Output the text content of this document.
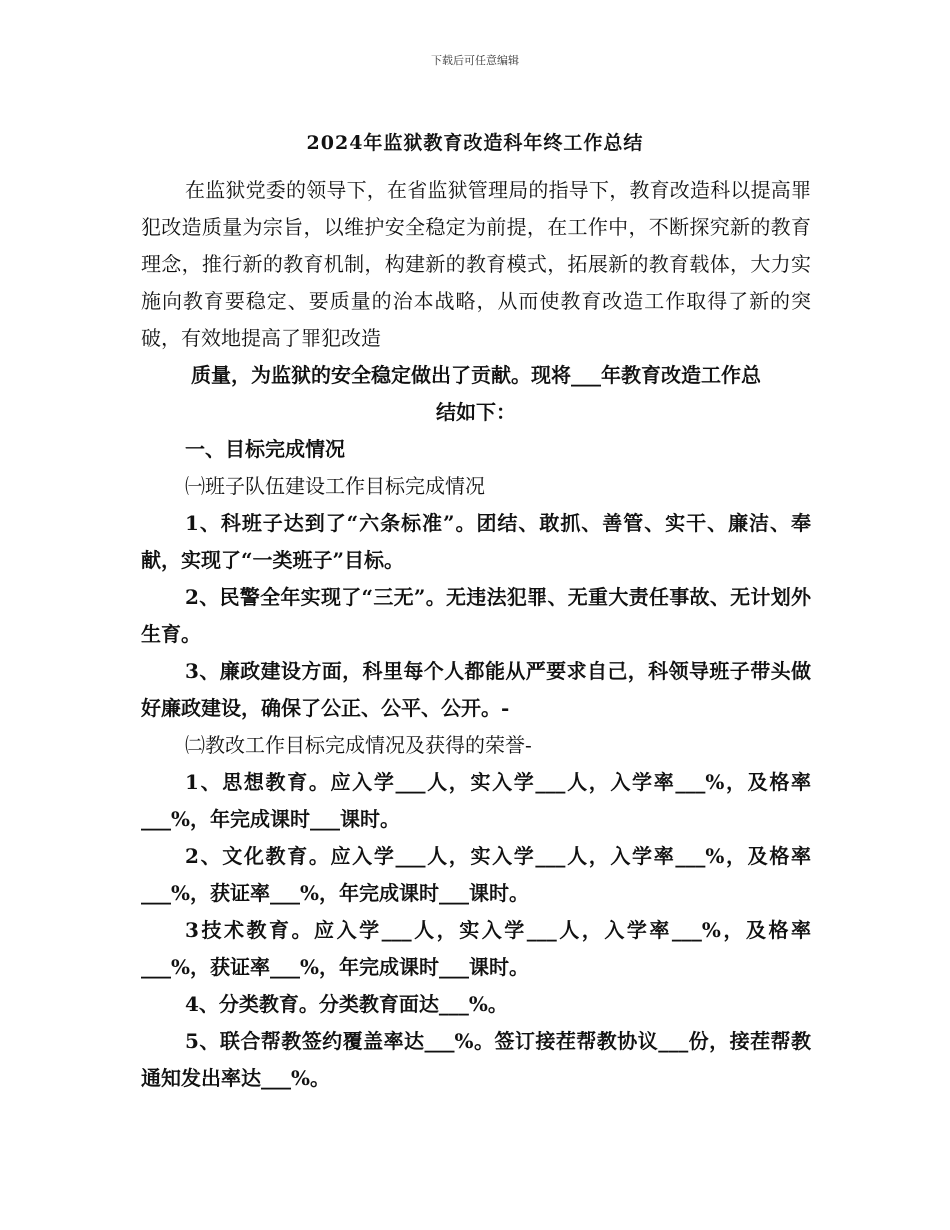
下载后可任意编辑
2024年监狱教育改造科年终工作总结

在监狱党委的领导下，在省监狱管理局的指导下，教育改造科以提高罪犯改造质量为宗旨，以维护安全稳定为前提，在工作中，不断探究新的教育理念，推行新的教育机制，构建新的教育模式，拓展新的教育载体，大力实施向教育要稳定、要质量的治本战略，从而使教育改造工作取得了新的突破，有效地提高了罪犯改造

质量，为监狱的安全稳定做出了贡献。现将___年教育改造工作总

结如下：

一、目标完成情况

㈠班子队伍建设工作目标完成情况

1、科班子达到了“六条标准”。团结、敢抓、善管、实干、廉洁、奉献，实现了“一类班子”目标。

2、民警全年实现了“三无”。无违法犯罪、无重大责任事故、无计划外生育。

3、廉政建设方面，科里每个人都能从严要求自己，科领导班子带头做好廉政建设，确保了公正、公平、公开。-

㈡教改工作目标完成情况及获得的荣誉-

1、思想教育。应入学___人，实入学___人，入学率___%，及格率___%，年完成课时___课时。

2、文化教育。应入学___人，实入学___人，入学率___%，及格率___%，获证率___%，年完成课时___课时。

3技术教育。应入学___人，实入学___人，入学率___%，及格率___%，获证率___%，年完成课时___课时。

4、分类教育。分类教育面达___%。

5、联合帮教签约覆盖率达___%。签订接茬帮教协议___份，接茬帮教通知发出率达___%。
